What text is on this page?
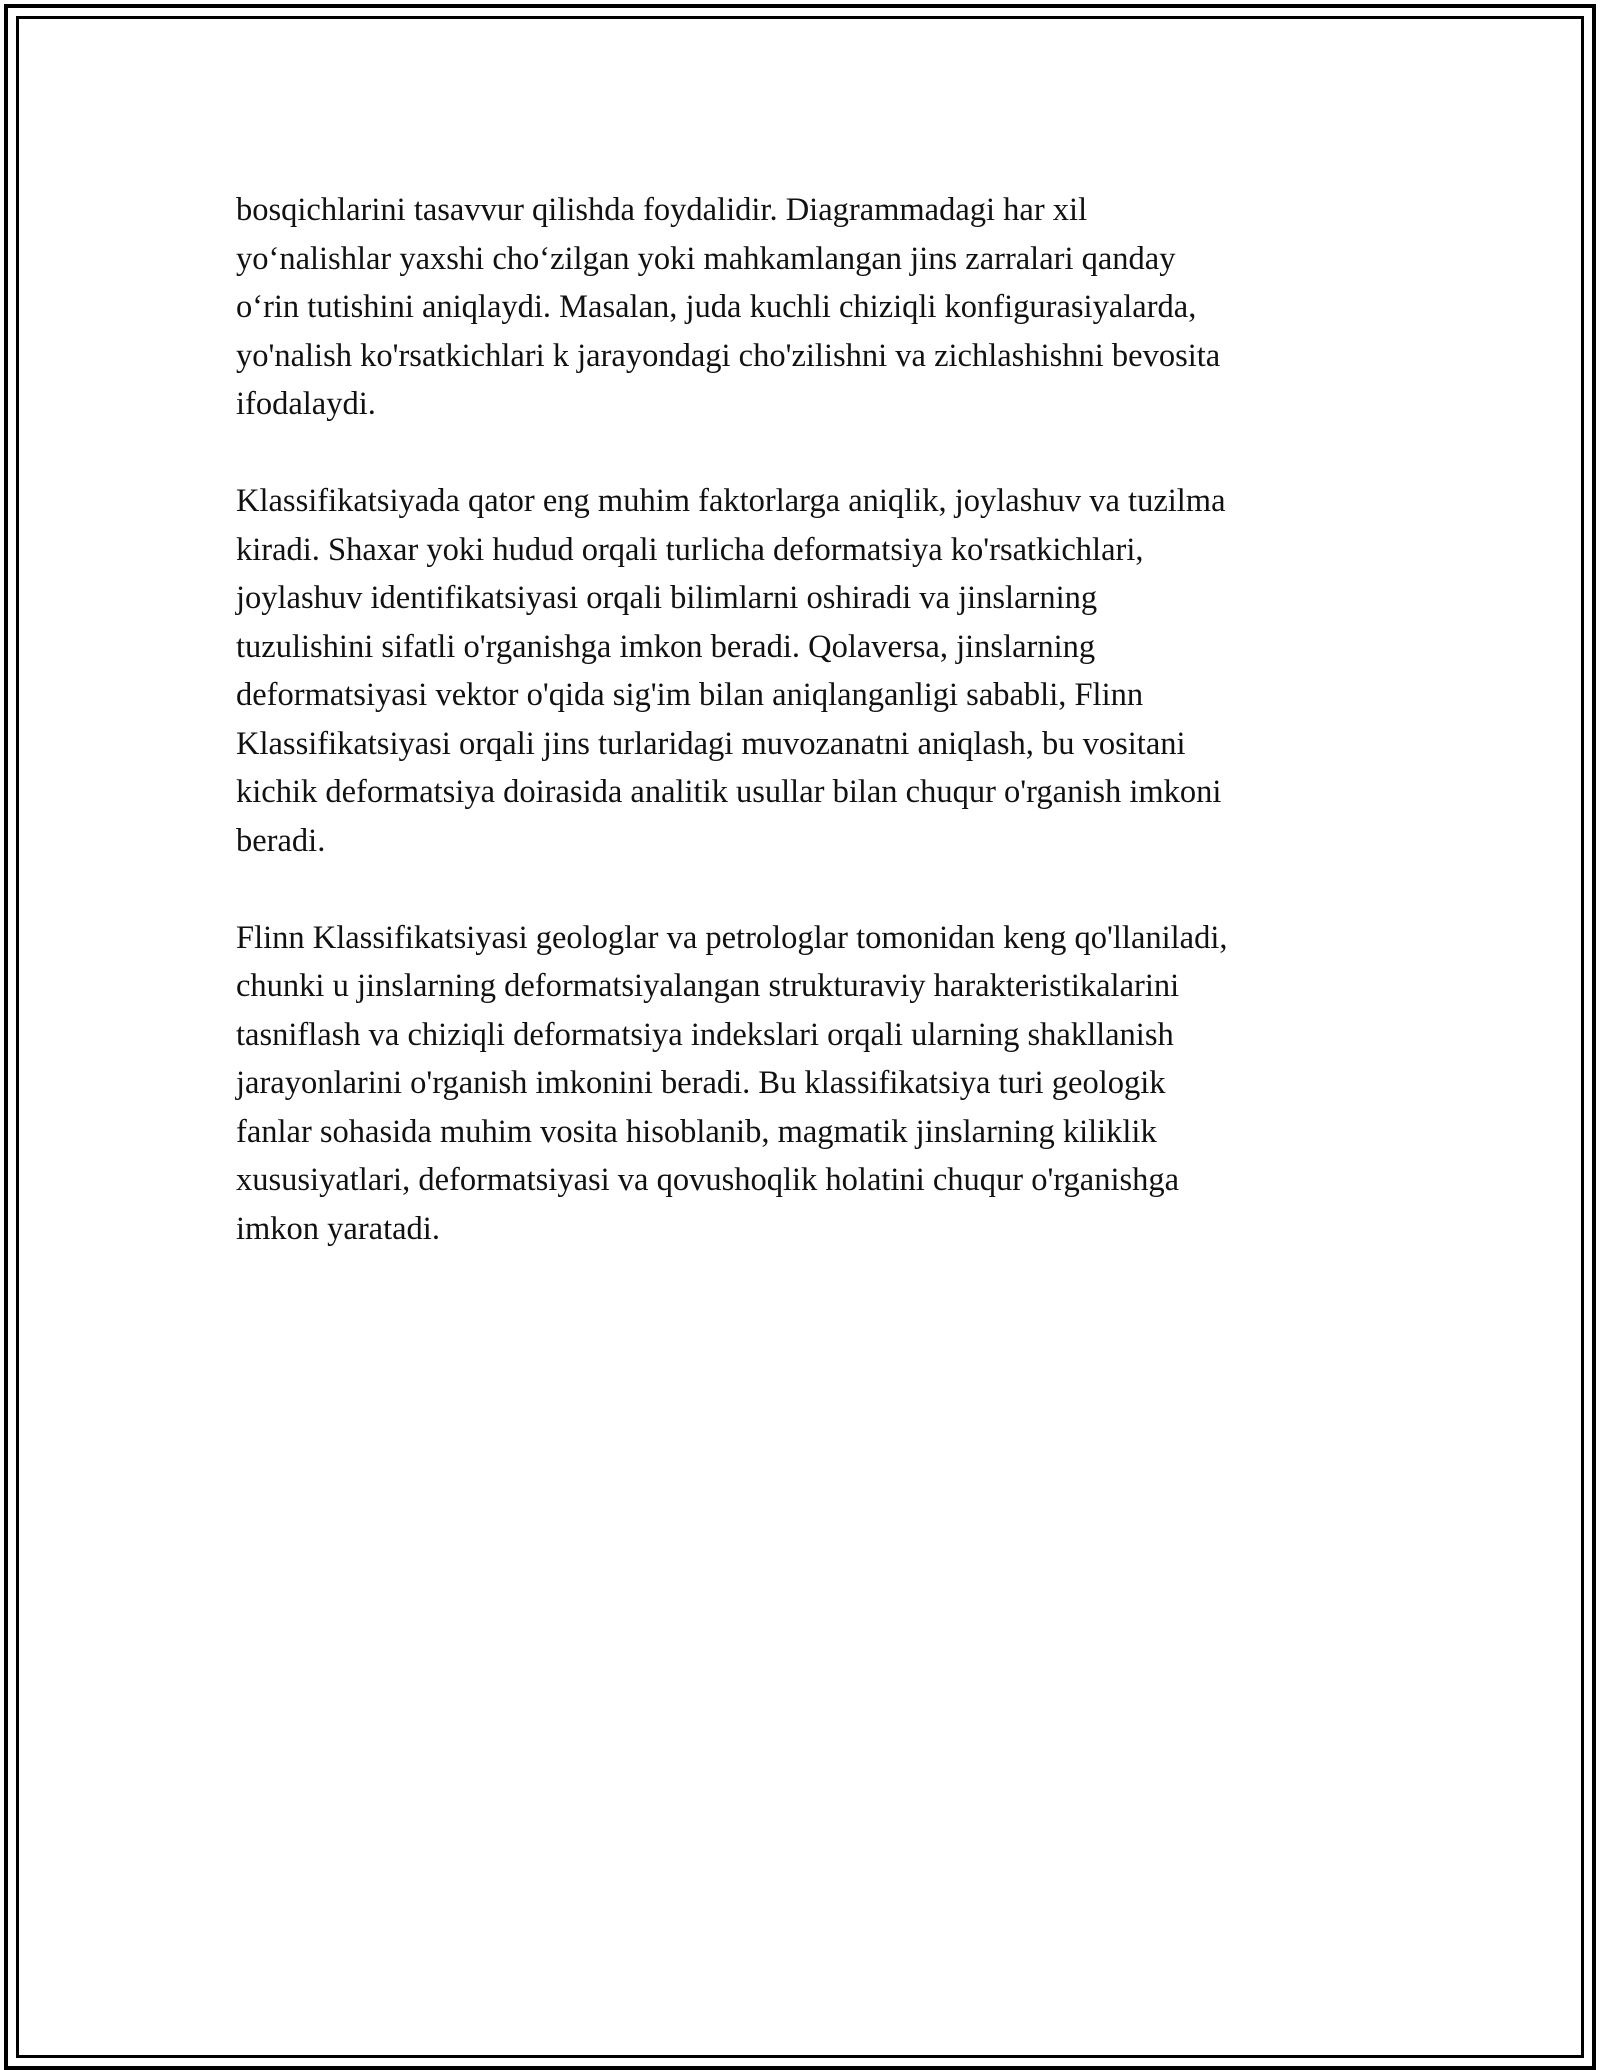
bosqichlarini tasavvur qilishda foydalidir. Diagrammadagi har xil
yo‘nalishlar yaxshi cho‘zilgan yoki mahkamlangan jins zarralari qanday
o‘rin tutishini aniqlaydi. Masalan, juda kuchli chiziqli konfigurasiyalarda,
yo'nalish ko'rsatkichlari k jarayondagi cho'zilishni va zichlashishni bevosita
ifodalaydi.

Klassifikatsiyada qator eng muhim faktorlarga aniqlik, joylashuv va tuzilma
kiradi. Shaxar yoki hudud orqali turlicha deformatsiya ko'rsatkichlari,
joylashuv identifikatsiyasi orqali bilimlarni oshiradi va jinslarning
tuzulishini sifatli o'rganishga imkon beradi. Qolaversa, jinslarning
deformatsiyasi vektor o'qida sig'im bilan aniqlanganligi sababli, Flinn
Klassifikatsiyasi orqali jins turlaridagi muvozanatni aniqlash, bu vositani
kichik deformatsiya doirasida analitik usullar bilan chuqur o'rganish imkoni
beradi.

Flinn Klassifikatsiyasi geologlar va petrologlar tomonidan keng qo'llaniladi,
chunki u jinslarning deformatsiyalangan strukturaviy harakteristikalarini
tasniflash va chiziqli deformatsiya indekslari orqali ularning shakllanish
jarayonlarini o'rganish imkonini beradi. Bu klassifikatsiya turi geologik
fanlar sohasida muhim vosita hisoblanib, magmatik jinslarning kiliklik
xususiyatlari, deformatsiyasi va qovushoqlik holatini chuqur o'rganishga
imkon yaratadi.
